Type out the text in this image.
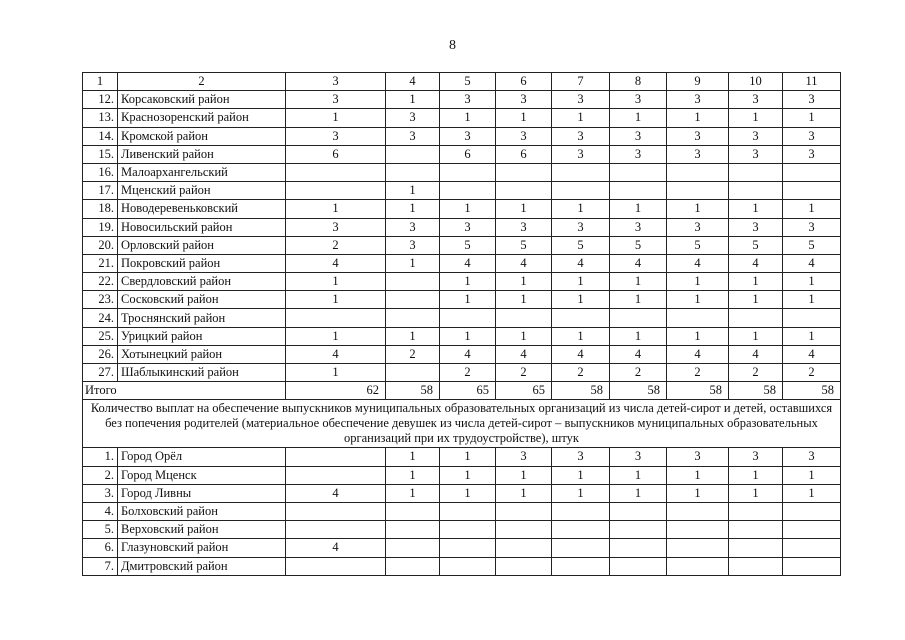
8
1	2	3	4	5	6	7	8	9	10	11
12.	Корсаковский район	3	1	3	3	3	3	3	3	3
13.	Краснозоренский район	1	3	1	1	1	1	1	1	1
14.	Кромской район	3	3	3	3	3	3	3	3	3
15.	Ливенский район	6		6	6	3	3	3	3	3
16.	Малоархангельский									
17.	Мценский район		1							
18.	Новодеревеньковский	1	1	1	1	1	1	1	1	1
19.	Новосильский район	3	3	3	3	3	3	3	3	3
20.	Орловский район	2	3	5	5	5	5	5	5	5
21.	Покровский район	4	1	4	4	4	4	4	4	4
22.	Свердловский район	1		1	1	1	1	1	1	1
23.	Сосковский район	1		1	1	1	1	1	1	1
24.	Троснянский район									
25.	Урицкий район	1	1	1	1	1	1	1	1	1
26.	Хотынецкий район	4	2	4	4	4	4	4	4	4
27.	Шаблыкинский район	1		2	2	2	2	2	2	2
Итого		62	58	65	65	58	58	58	58	58
Количество выплат на обеспечение выпускников муниципальных образовательных организаций из числа детей-сирот и детей, оставшихся без попечения родителей (материальное обеспечение девушек из числа детей-сирот – выпускников муниципальных образовательных организаций при их трудоустройстве), штук										
1.	Город Орёл		1	1	3	3	3	3	3	3
2.	Город Мценск		1	1	1	1	1	1	1	1
3.	Город Ливны	4	1	1	1	1	1	1	1	1
4.	Болховский район									
5.	Верховский район									
6.	Глазуновский район	4								
7.	Дмитровский район									
